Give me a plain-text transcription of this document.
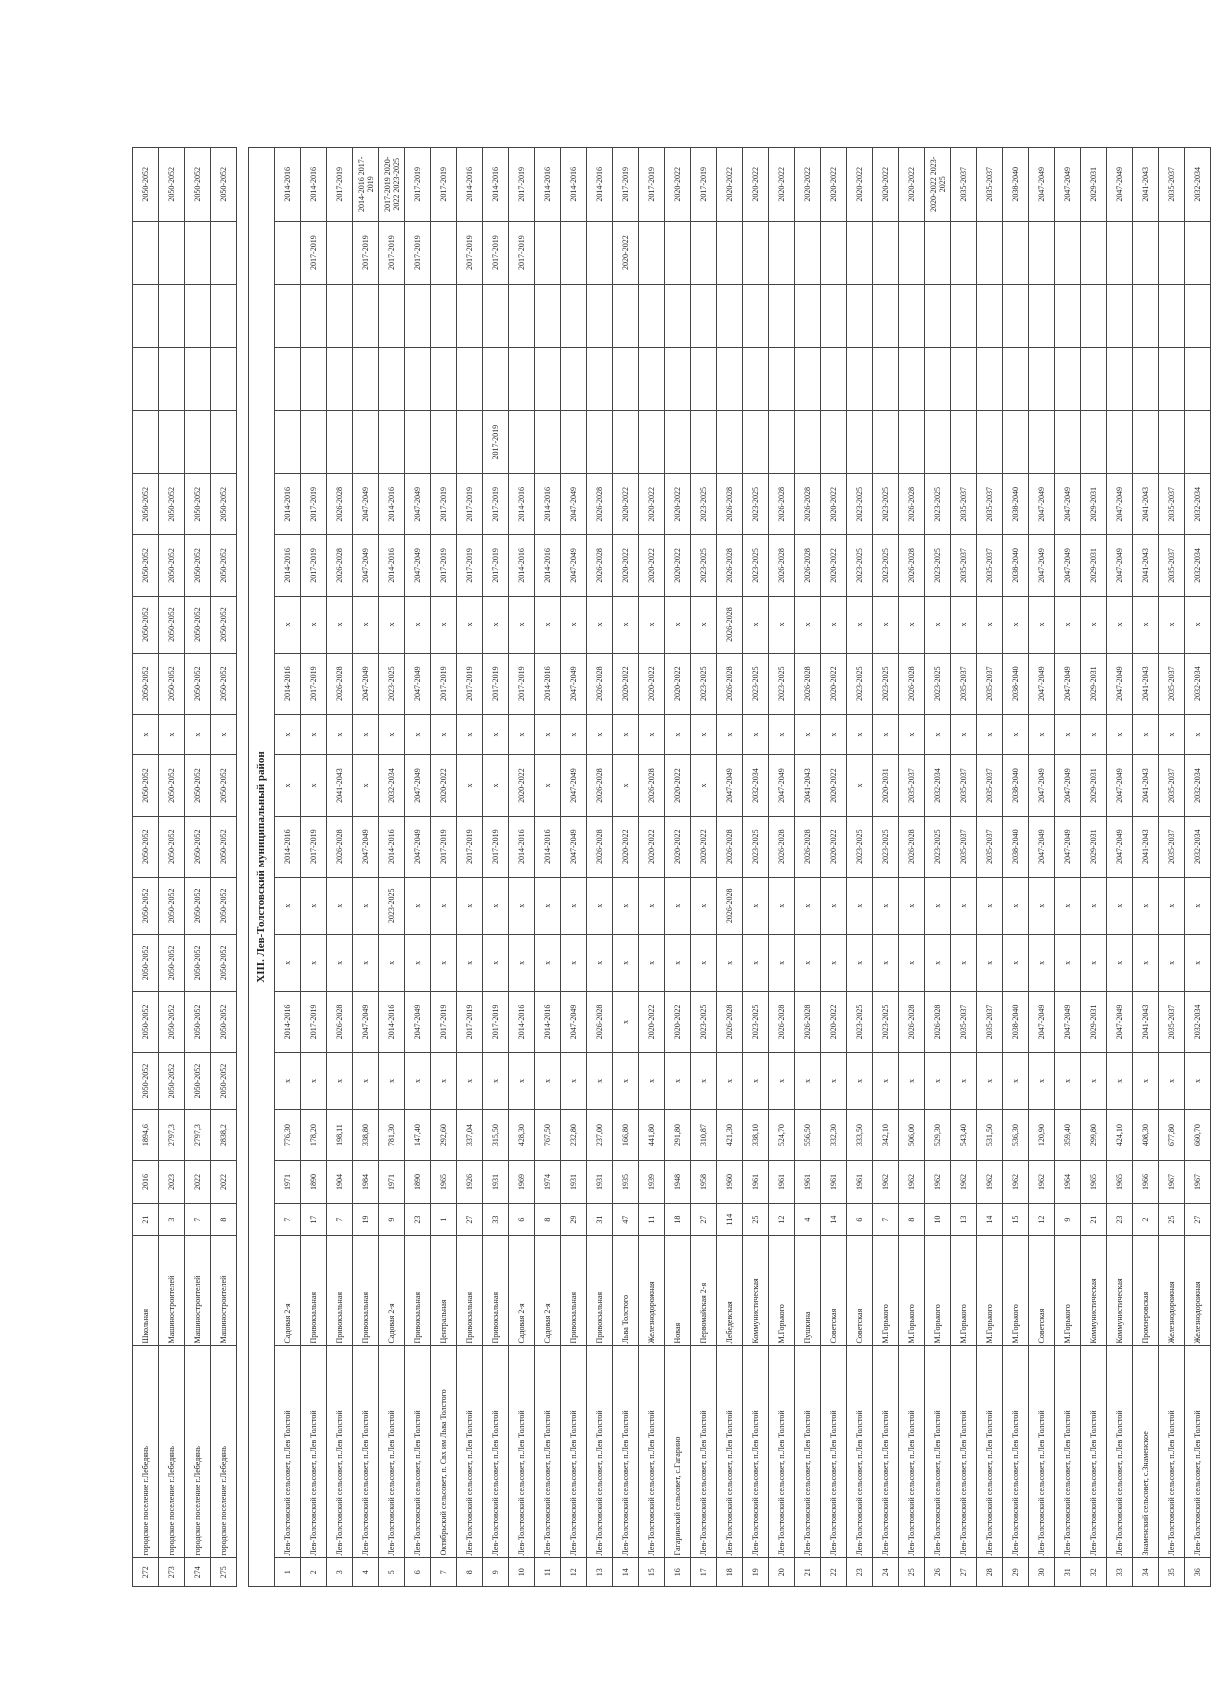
272	городское поселение г.Лебедянь	Школьная	21	2016	1894,6	2050-2052	2050-2052	2050-2052	2050-2052	2050-2052	2050-2052	x	2050-2052	2050-2052	2050-2052	2050-2052					2050-2052
273	городское поселение г.Лебедянь	Машиностроителей	3	2023	2797,3	2050-2052	2050-2052	2050-2052	2050-2052	2050-2052	2050-2052	x	2050-2052	2050-2052	2050-2052	2050-2052					2050-2052
274	городское поселение г.Лебедянь	Машиностроителей	7	2022	2797,3	2050-2052	2050-2052	2050-2052	2050-2052	2050-2052	2050-2052	x	2050-2052	2050-2052	2050-2052	2050-2052					2050-2052
275	городское поселение г.Лебедянь	Машиностроителей	8	2022	2838,2	2050-2052	2050-2052	2050-2052	2050-2052	2050-2052	2050-2052	x	2050-2052	2050-2052	2050-2052	2050-2052					2050-2052

XIII. Лев-Толстовский муниципальный район																					
1	Лев-Толстовский сельсовет, п.Лев Толстой	Садовая 2-я	7	1971	776,30	x	2014-2016	x	x	2014-2016	x	x	2014-2016	x	2014-2016	2014-2016					2014-2016
2	Лев-Толстовский сельсовет, п.Лев Толстой	Привокзальная	17	1890	178,20	x	2017-2019	x	x	2017-2019	x	x	2017-2019	x	2017-2019	2017-2019				2017-2019	2014-2016
3	Лев-Толстовский сельсовет, п.Лев Толстой	Привокзальная	7	1904	198,11	x	2026-2028	x	x	2026-2028	2041-2043	x	2026-2028	x	2026-2028	2026-2028					2017-2019
4	Лев-Толстовский сельсовет, п.Лев Толстой	Привокзальная	19	1984	338,80	x	2047-2049	x	x	2047-2049	x	x	2047-2049	x	2047-2049	2047-2049				2017-2019	2014-2016 2017-2019
5	Лев-Толстовский сельсовет, п.Лев Толстой	Садовая 2-я	9	1971	781,30	x	2014-2016	x	2023-2025	2014-2016	2032-2034	x	2023-2025	x	2014-2016	2014-2016				2017-2019	2017-2019 2020-2022 2023-2025
6	Лев-Толстовский сельсовет, п.Лев Толстой	Привокзальная	23	1890	147,40	x	2047-2049	x	x	2047-2049	2047-2049	x	2047-2049	x	2047-2049	2047-2049				2017-2019	2017-2019
7	Октябрьский сельсовет, п. Свх им Льва Толстого	Центральная	1	1965	292,60	x	2017-2019	x	x	2017-2019	2020-2022	x	2017-2019	x	2017-2019	2017-2019					2017-2019
8	Лев-Толстовский сельсовет, п.Лев Толстой	Привокзальная	27	1926	337,04	x	2017-2019	x	x	2017-2019	x	x	2017-2019	x	2017-2019	2017-2019				2017-2019	2014-2016
9	Лев-Толстовский сельсовет, п.Лев Толстой	Привокзальная	33	1931	315,50	x	2017-2019	x	x	2017-2019	x	x	2017-2019	x	2017-2019	2017-2019	2017-2019			2017-2019	2014-2016
10	Лев-Толстовский сельсовет, п.Лев Толстой	Садовая 2-я	6	1969	428,30	x	2014-2016	x	x	2014-2016	2020-2022	x	2017-2019	x	2014-2016	2014-2016				2017-2019	2017-2019
11	Лев-Толстовский сельсовет, п.Лев Толстой	Садовая 2-я	8	1974	767,50	x	2014-2016	x	x	2014-2016	x	x	2014-2016	x	2014-2016	2014-2016					2014-2016
12	Лев-Толстовский сельсовет, п.Лев Толстой	Привокзальная	29	1931	232,80	x	2047-2049	x	x	2047-2049	2047-2049	x	2047-2049	x	2047-2049	2047-2049					2014-2016
13	Лев-Толстовский сельсовет, п.Лев Толстой	Привокзальная	31	1931	237,00	x	2026-2028	x	x	2026-2028	2026-2028	x	2026-2028	x	2026-2028	2026-2028					2014-2016
14	Лев-Толстовский сельсовет, п.Лев Толстой	Льва Толстого	47	1935	166,80	x	x	x	x	2020-2022	x	x	2020-2022	x	2020-2022	2020-2022				2020-2022	2017-2019
15	Лев-Толстовский сельсовет, п.Лев Толстой	Железнодорожная	11	1939	441,80	x	2020-2022	x	x	2020-2022	2026-2028	x	2020-2022	x	2020-2022	2020-2022					2017-2019
16	Гагаринский сельсовет, с.Гагарино	Новая	18	1948	291,80	x	2020-2022	x	x	2020-2022	2020-2022	x	2020-2022	x	2020-2022	2020-2022					2020-2022
17	Лев-Толстовский сельсовет, п.Лев Толстой	Первомайская 2-я	27	1958	310,87	x	2023-2025	x	x	2020-2022	x	x	2023-2025	x	2023-2025	2023-2025					2017-2019
18	Лев-Толстовский сельсовет, п.Лев Толстой	Лебедевская	114	1960	421,30	x	2026-2028	x	2026-2028	2026-2028	2047-2049	x	2026-2028	2026-2028	2026-2028	2026-2028					2020-2022
19	Лев-Толстовский сельсовет, п.Лев Толстой	Коммунистическая	25	1961	338,10	x	2023-2025	x	x	2023-2025	2032-2034	x	2023-2025	x	2023-2025	2023-2025					2020-2022
20	Лев-Толстовский сельсовет, п.Лев Толстой	М.Горького	12	1961	524,70	x	2026-2028	x	x	2026-2028	2047-2049	x	2023-2025	x	2026-2028	2026-2028					2020-2022
21	Лев-Толстовский сельсовет, п.Лев Толстой	Пушкина	4	1961	556,50	x	2026-2028	x	x	2026-2028	2041-2043	x	2026-2028	x	2026-2028	2026-2028					2020-2022
22	Лев-Толстовский сельсовет, п.Лев Толстой	Советская	14	1961	332,30	x	2020-2022	x	x	2020-2022	2020-2022	x	2020-2022	x	2020-2022	2020-2022					2020-2022
23	Лев-Толстовский сельсовет, п.Лев Толстой	Советская	6	1961	333,50	x	2023-2025	x	x	2023-2025	x	x	2023-2025	x	2023-2025	2023-2025					2020-2022
24	Лев-Толстовский сельсовет, п.Лев Толстой	М.Горького	7	1962	342,10	x	2023-2025	x	x	2023-2025	2020-2031	x	2023-2025	x	2023-2025	2023-2025					2020-2022
25	Лев-Толстовский сельсовет, п.Лев Толстой	М.Горького	8	1962	506,00	x	2026-2028	x	x	2026-2028	2035-2037	x	2026-2028	x	2026-2028	2026-2028					2020-2022
26	Лев-Толстовский сельсовет, п.Лев Толстой	М.Горького	10	1962	529,30	x	2026-2028	x	x	2023-2025	2032-2034	x	2023-2025	x	2023-2025	2023-2025					2020-2022 2023-2025
27	Лев-Толстовский сельсовет, п.Лев Толстой	М.Горького	13	1962	543,40	x	2035-2037	x	x	2035-2037	2035-2037	x	2035-2037	x	2035-2037	2035-2037					2035-2037
28	Лев-Толстовский сельсовет, п.Лев Толстой	М.Горького	14	1962	531,50	x	2035-2037	x	x	2035-2037	2035-2037	x	2035-2037	x	2035-2037	2035-2037					2035-2037
29	Лев-Толстовский сельсовет, п.Лев Толстой	М.Горького	15	1962	536,30	x	2038-2040	x	x	2038-2040	2038-2040	x	2038-2040	x	2038-2040	2038-2040					2038-2040
30	Лев-Толстовский сельсовет, п.Лев Толстой	Советская	12	1962	120,90	x	2047-2049	x	x	2047-2049	2047-2049	x	2047-2049	x	2047-2049	2047-2049					2047-2049
31	Лев-Толстовский сельсовет, п.Лев Толстой	М.Горького	9	1964	359,40	x	2047-2049	x	x	2047-2049	2047-2049	x	2047-2049	x	2047-2049	2047-2049					2047-2049
32	Лев-Толстовский сельсовет, п.Лев Толстой	Коммунистическая	21	1965	299,80	x	2029-2031	x	x	2029-2031	2029-2031	x	2029-2031	x	2029-2031	2029-2031					2029-2031
33	Лев-Толстовский сельсовет, п.Лев Толстой	Коммунистическая	23	1965	424,10	x	2047-2049	x	x	2047-2049	2047-2049	x	2047-2049	x	2047-2049	2047-2049					2047-2049
34	Знаменский сельсовет, с.Знаменское	Промзеровская	2	1966	408,30	x	2041-2043	x	x	2041-2043	2041-2043	x	2041-2043	x	2041-2043	2041-2043					2041-2043
35	Лев-Толстовский сельсовет, п.Лев Толстой	Железнодорожная	25	1967	677,80	x	2035-2037	x	x	2035-2037	2035-2037	x	2035-2037	x	2035-2037	2035-2037					2035-2037
36	Лев-Толстовский сельсовет, п.Лев Толстой	Железнодорожная	27	1967	660,70	x	2032-2034	x	x	2032-2034	2032-2034	x	2032-2034	x	2032-2034	2032-2034					2032-2034
